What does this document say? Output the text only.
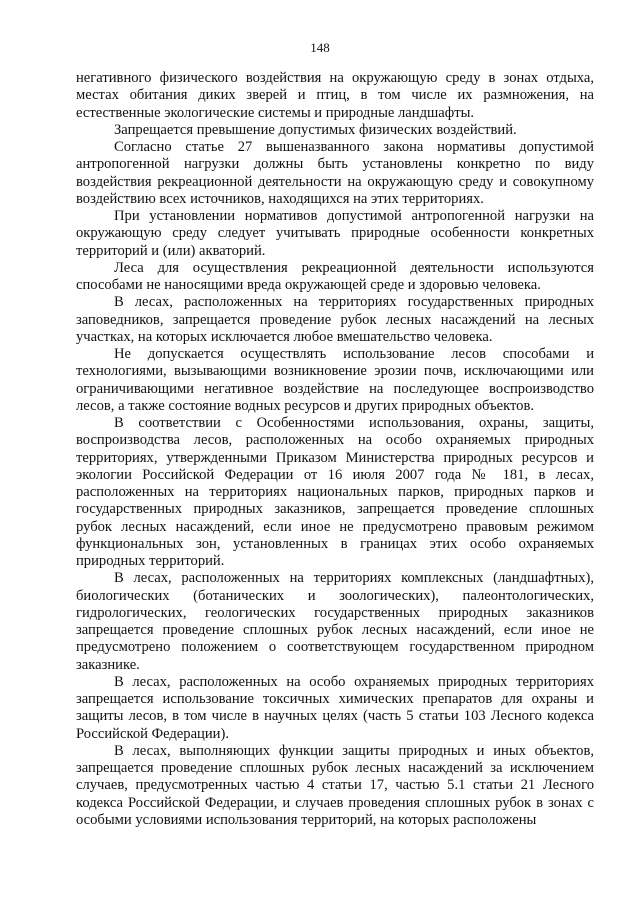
148

негативного физического воздействия на окружающую среду в зонах отдыха, местах обитания диких зверей и птиц, в том числе их размножения, на естественные экологические системы и природные ландшафты.

Запрещается превышение допустимых физических воздействий.

Согласно статье 27 вышеназванного закона нормативы допустимой антропогенной нагрузки должны быть установлены конкретно по виду воздействия рекреационной деятельности на окружающую среду и совокупному воздействию всех источников, находящихся на этих территориях.

При установлении нормативов допустимой антропогенной нагрузки на окружающую среду следует учитывать природные особенности конкретных территорий и (или) акваторий.

Леса для осуществления рекреационной деятельности используются способами не наносящими вреда окружающей среде и здоровью человека.

В лесах, расположенных на территориях государственных природных заповедников, запрещается проведение рубок лесных насаждений на лесных участках, на которых исключается любое вмешательство человека.

Не допускается осуществлять использование лесов способами и технологиями, вызывающими возникновение эрозии почв, исключающими или ограничивающими негативное воздействие на последующее воспроизводство лесов, а также состояние водных ресурсов и других природных объектов.

В соответствии с Особенностями использования, охраны, защиты, воспроизводства лесов, расположенных на особо охраняемых природных территориях, утвержденными Приказом Министерства природных ресурсов и экологии Российской Федерации от 16 июля 2007 года № 181, в лесах, расположенных на территориях национальных парков, природных парков и государственных природных заказников, запрещается проведение сплошных рубок лесных насаждений, если иное не предусмотрено правовым режимом функциональных зон, установленных в границах этих особо охраняемых природных территорий.

В лесах, расположенных на территориях комплексных (ландшафтных), биологических (ботанических и зоологических), палеонтологических, гидрологических, геологических государственных природных заказников запрещается проведение сплошных рубок лесных насаждений, если иное не предусмотрено положением о соответствующем государственном природном заказнике.

В лесах, расположенных на особо охраняемых природных территориях запрещается использование токсичных химических препаратов для охраны и защиты лесов, в том числе в научных целях (часть 5 статьи 103 Лесного кодекса Российской Федерации).

В лесах, выполняющих функции защиты природных и иных объектов, запрещается проведение сплошных рубок лесных насаждений за исключением случаев, предусмотренных частью 4 статьи 17, частью 5.1 статьи 21 Лесного кодекса Российской Федерации, и случаев проведения сплошных рубок в зонах с особыми условиями использования территорий, на которых расположены
